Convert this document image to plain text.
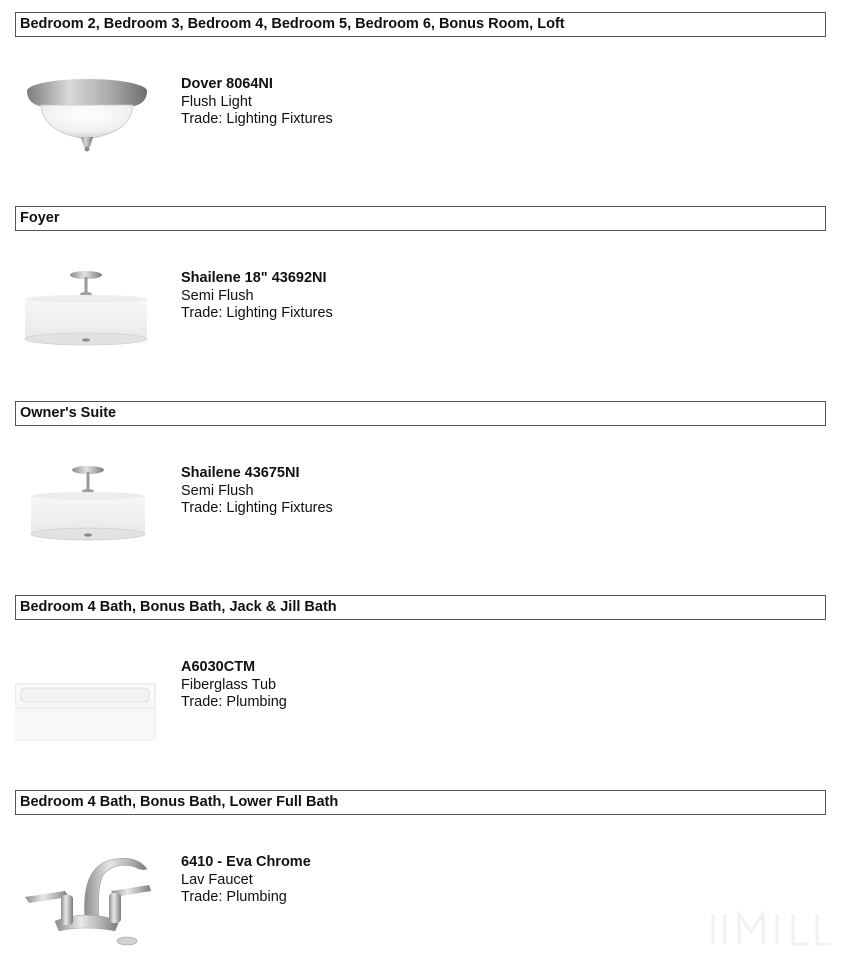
Bedroom 2, Bedroom 3, Bedroom 4, Bedroom 5, Bedroom 6, Bonus Room, Loft
Dover 8064NI
Flush Light
Trade: Lighting Fixtures
Foyer
Shailene 18" 43692NI
Semi Flush
Trade: Lighting Fixtures
Owner's Suite
Shailene 43675NI
Semi Flush
Trade: Lighting Fixtures
Bedroom 4 Bath, Bonus Bath, Jack & Jill Bath
A6030CTM
Fiberglass Tub
Trade: Plumbing
Bedroom 4 Bath, Bonus Bath, Lower Full Bath
6410 - Eva Chrome
Lav Faucet
Trade: Plumbing
